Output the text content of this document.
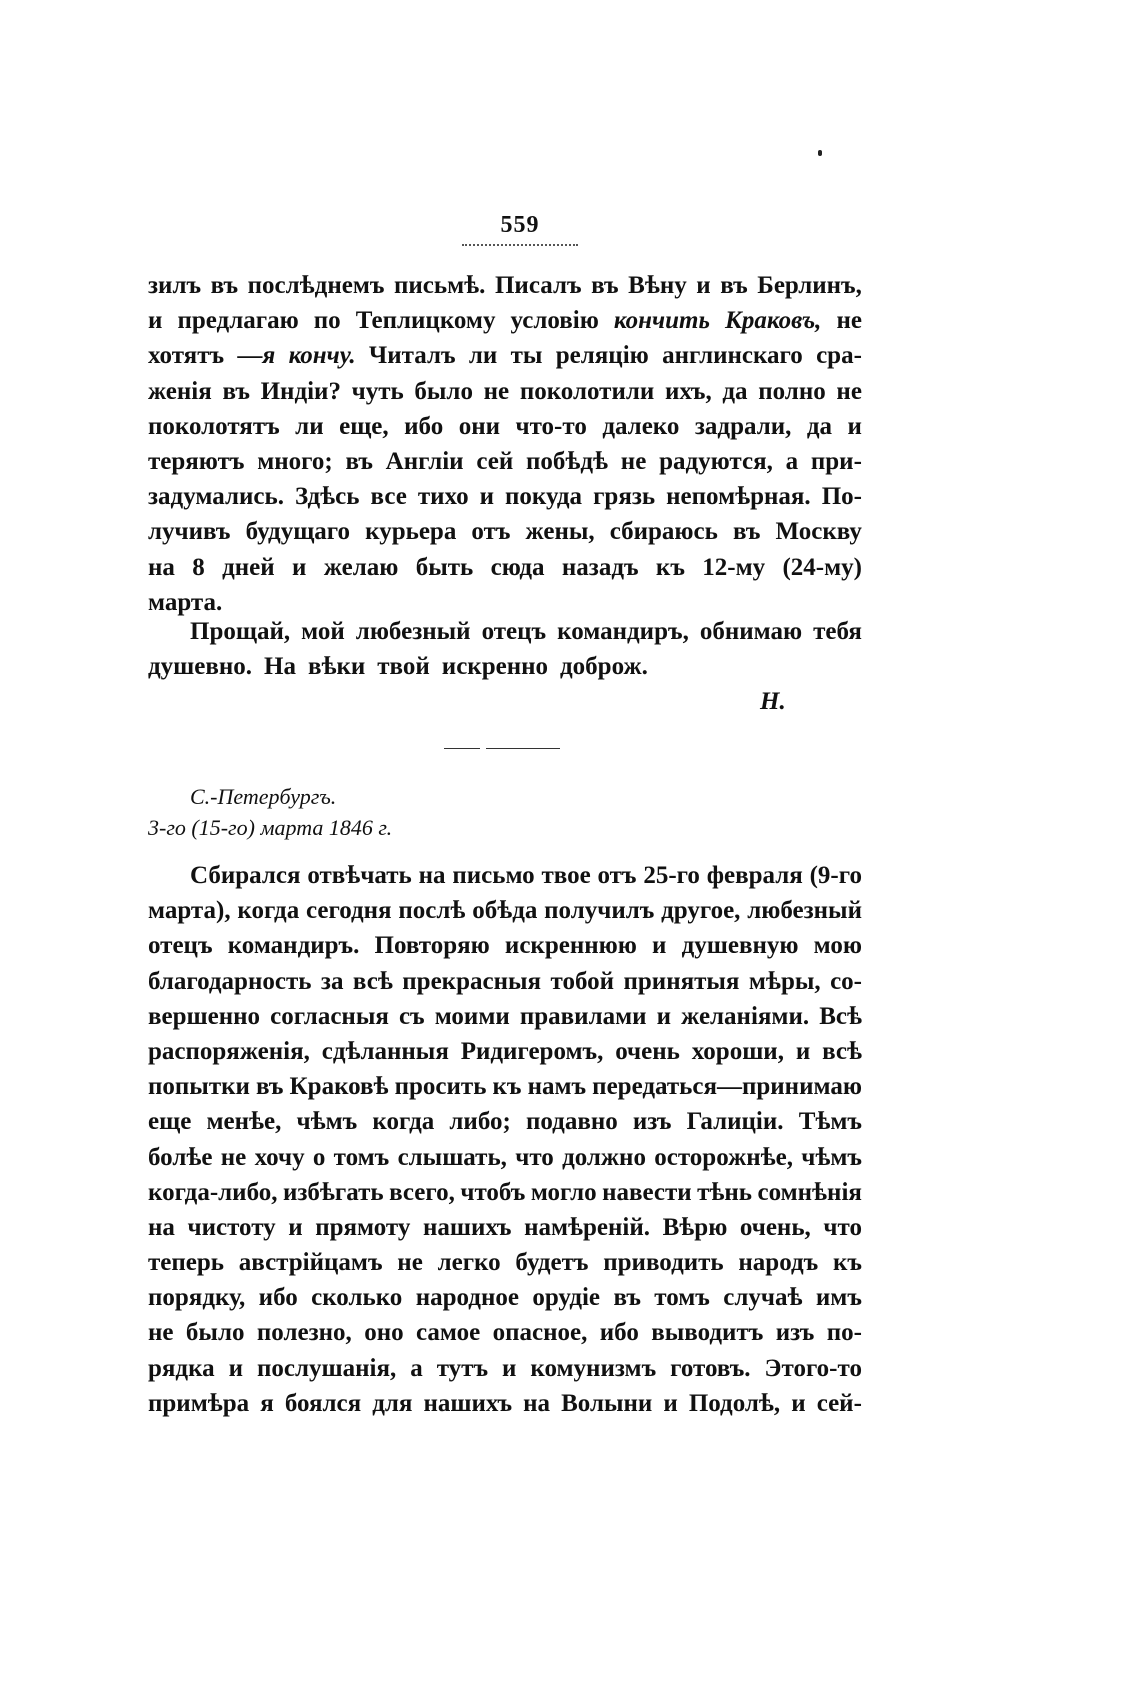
559
зилъ въ послѣднемъ письмѣ. Писалъ въ Вѣну и въ Берлинъ,
и предлагаю по Теплицкому условію кончить Краковъ, не
хотятъ —я кончу. Читалъ ли ты реляцію англинскаго сра-
женія въ Индіи? чуть было не поколотили ихъ, да полно не
поколотятъ ли еще, ибо они что-то далеко задрали, да и
теряютъ много; въ Англіи сей побѣдѣ не радуются, а при-
задумались. Здѣсь все тихо и покуда грязь непомѣрная. По-
лучивъ будущаго курьера отъ жены, сбираюсь въ Москву
на 8 дней и желаю быть сюда назадъ къ 12-му (24-му)
марта.
Прощай, мой любезный отецъ командиръ, обнимаю тебя
душевно. На вѣки твой искренно доброж.
Н.
С.-Петербургъ.
3-го (15-го) марта 1846 г.
Сбирался отвѣчать на письмо твое отъ 25-го февраля (9-го
марта), когда сегодня послѣ обѣда получилъ другое, любезный
отецъ командиръ. Повторяю искреннюю и душевную мою
благодарность за всѣ прекрасныя тобой принятыя мѣры, со-
вершенно согласныя съ моими правилами и желаніями. Всѣ
распоряженія, сдѣланныя Ридигеромъ, очень хороши, и всѣ
попытки въ Краковѣ просить къ намъ передаться—принимаю
еще менѣе, чѣмъ когда либо; подавно изъ Галиціи. Тѣмъ
болѣе не хочу о томъ слышать, что должно осторожнѣе, чѣмъ
когда-либо, избѣгать всего, чтобъ могло навести тѣнь сомнѣнія
на чистоту и прямоту нашихъ намѣреній. Вѣрю очень, что
теперь австрійцамъ не легко будетъ приводить народъ къ
порядку, ибо сколько народное орудіе въ томъ случаѣ имъ
не было полезно, оно самое опасное, ибо выводитъ изъ по-
рядка и послушанія, а тутъ и комунизмъ готовъ. Этого-то
примѣра я боялся для нашихъ на Волыни и Подолѣ, и сей-
